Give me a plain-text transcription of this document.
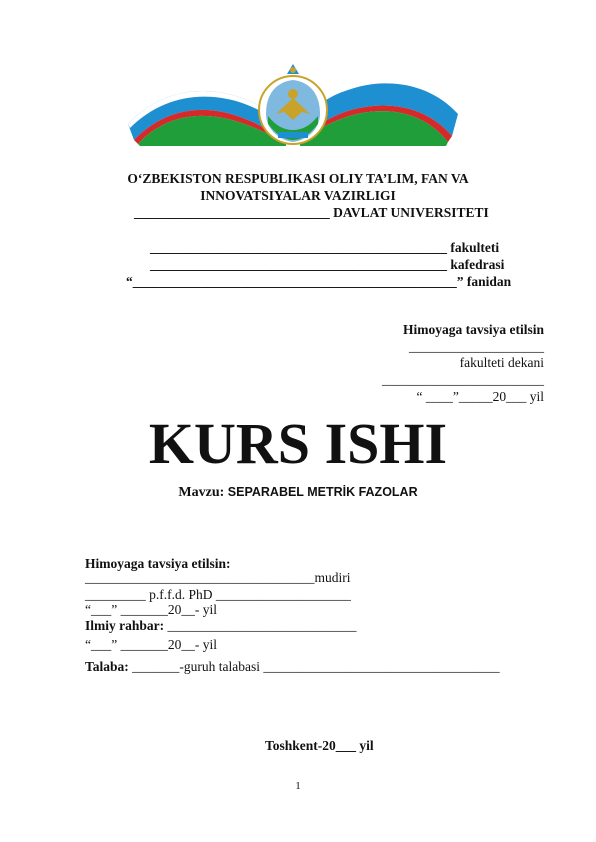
O‘ZBEKISTON RESPUBLIKASI OLIY TA’LIM, FAN VA
INNOVATSIYALAR VAZIRLIGI
_____________________________ DAVLAT UNIVERSITETI
____________________________________________ fakulteti
____________________________________________ kafedrasi
“________________________________________________” fanidan
Himoyaga tavsiya etilsin
____________________
fakulteti dekani
________________________
“ ____”_____20___ yil
KURS ISHI
Mavzu: SEPARABEL METRİK FAZOLAR
Himoyaga tavsiya etilsin:
__________________________________mudiri
_________ p.f.f.d. PhD ____________________
“___” _______20__- yil
Ilmiy rahbar: ____________________________
“___” _______20__- yil
Talaba: _______-guruh talabasi ___________________________________
Toshkent-20___ yil
1
